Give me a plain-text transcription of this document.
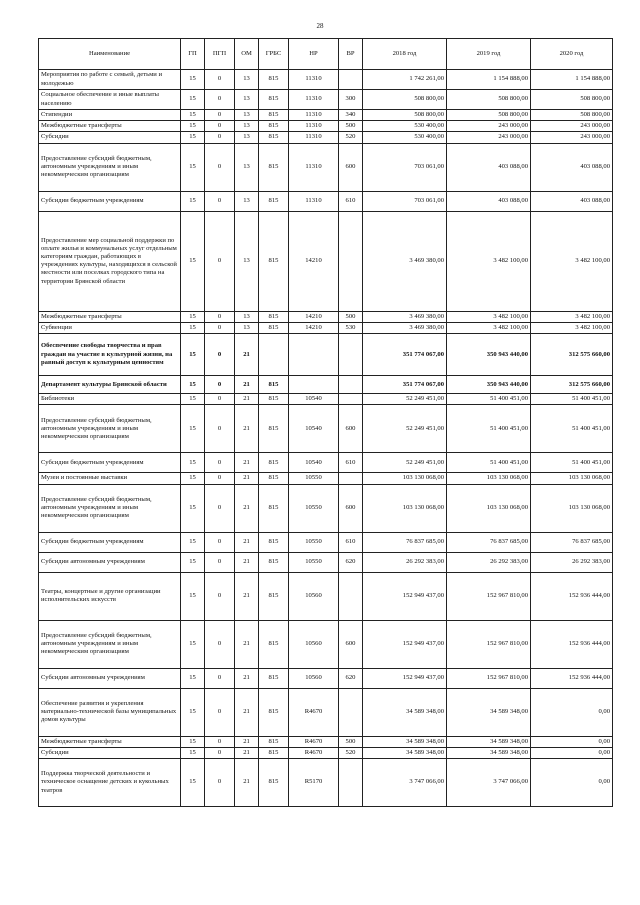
28
Наименование	ГП	ПГП	ОМ	ГРБС	НР	ВР	2018 год	2019 год	2020 год
Мероприятия по работе с семьей, детьми и молодежью	15	0	13	815	11310		1 742 261,00	1 154 888,00	1 154 888,00
Социальное обеспечение и иные выплаты населению	15	0	13	815	11310	300	508 800,00	508 800,00	508 800,00
Стипендии	15	0	13	815	11310	340	508 800,00	508 800,00	508 800,00
Межбюджетные трансферты	15	0	13	815	11310	500	530 400,00	243 000,00	243 000,00
Субсидии	15	0	13	815	11310	520	530 400,00	243 000,00	243 000,00
Предоставление субсидий бюджетным, автономным учреждениям и иным некоммерческим организациям	15	0	13	815	11310	600	703 061,00	403 088,00	403 088,00
Субсидии бюджетным учреждениям	15	0	13	815	11310	610	703 061,00	403 088,00	403 088,00
Предоставление мер социальной поддержки по оплате жилья и коммунальных услуг отдельным категориям граждан, работающих в учреждениях культуры, находящихся в сельской местности или поселках городского типа на территории Брянской области	15	0	13	815	14210		3 469 380,00	3 482 100,00	3 482 100,00
Межбюджетные трансферты	15	0	13	815	14210	500	3 469 380,00	3 482 100,00	3 482 100,00
Субвенции	15	0	13	815	14210	530	3 469 380,00	3 482 100,00	3 482 100,00
Обеспечение свободы творчества и прав граждан на участие в культурной жизни, на равный доступ к культурным ценностям	15	0	21				351 774 067,00	350 943 440,00	312 575 660,00
Департамент культуры Брянской области	15	0	21	815			351 774 067,00	350 943 440,00	312 575 660,00
Библиотеки	15	0	21	815	10540		52 249 451,00	51 400 451,00	51 400 451,00
Предоставление субсидий бюджетным, автономным учреждениям и иным некоммерческим организациям	15	0	21	815	10540	600	52 249 451,00	51 400 451,00	51 400 451,00
Субсидии бюджетным учреждениям	15	0	21	815	10540	610	52 249 451,00	51 400 451,00	51 400 451,00
Музеи и постоянные выставки	15	0	21	815	10550		103 130 068,00	103 130 068,00	103 130 068,00
Предоставление субсидий бюджетным, автономным учреждениям и иным некоммерческим организациям	15	0	21	815	10550	600	103 130 068,00	103 130 068,00	103 130 068,00
Субсидии бюджетным учреждениям	15	0	21	815	10550	610	76 837 685,00	76 837 685,00	76 837 685,00
Субсидии автономным учреждениям	15	0	21	815	10550	620	26 292 383,00	26 292 383,00	26 292 383,00
Театры, концертные и другие организации исполнительских искусств	15	0	21	815	10560		152 949 437,00	152 967 810,00	152 936 444,00
Предоставление субсидий бюджетным, автономным учреждениям и иным некоммерческим организациям	15	0	21	815	10560	600	152 949 437,00	152 967 810,00	152 936 444,00
Субсидии автономным учреждениям	15	0	21	815	10560	620	152 949 437,00	152 967 810,00	152 936 444,00
Обеспечение развития и укрепления материально-технической базы муниципальных домов культуры	15	0	21	815	R4670		34 589 348,00	34 589 348,00	0,00
Межбюджетные трансферты	15	0	21	815	R4670	500	34 589 348,00	34 589 348,00	0,00
Субсидии	15	0	21	815	R4670	520	34 589 348,00	34 589 348,00	0,00
Поддержка творческой деятельности и техническое оснащение детских и кукольных театров	15	0	21	815	R5170		3 747 066,00	3 747 066,00	0,00
